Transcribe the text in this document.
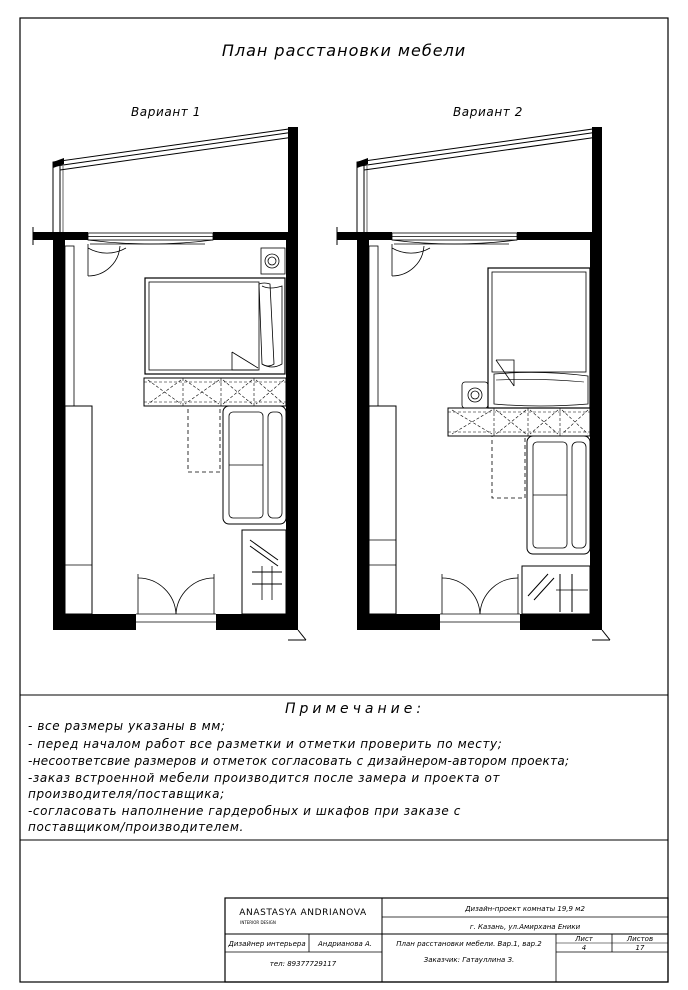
План расстановки мебели
Вариант 1	Вариант 2
ANASTASYA ANDRIANOVA
INTERIOR DESIGN
Дизайн-проект комнаты 19,9 м2
г. Казань, ул.Амирхана Еники
Дизайнер интерьера Андрианова А.	План расстановки мебели. Вар.1, вар.2
Лист
4
Листов
17
тел: 89377729117	Заказчик: Гатауллина З.
Примечание:
- все размеры указаны в мм;
- перед началом работ все разметки и отметки проверить по месту;
-несоответсвие размеров и отметок согласовать с дизайнером-автором проекта;
-заказ встроенной мебели производится после замера и проекта от
производителя/поставщика;
-согласовать наполнение гардеробных и шкафов при заказе с
поставщиком/производителем.
